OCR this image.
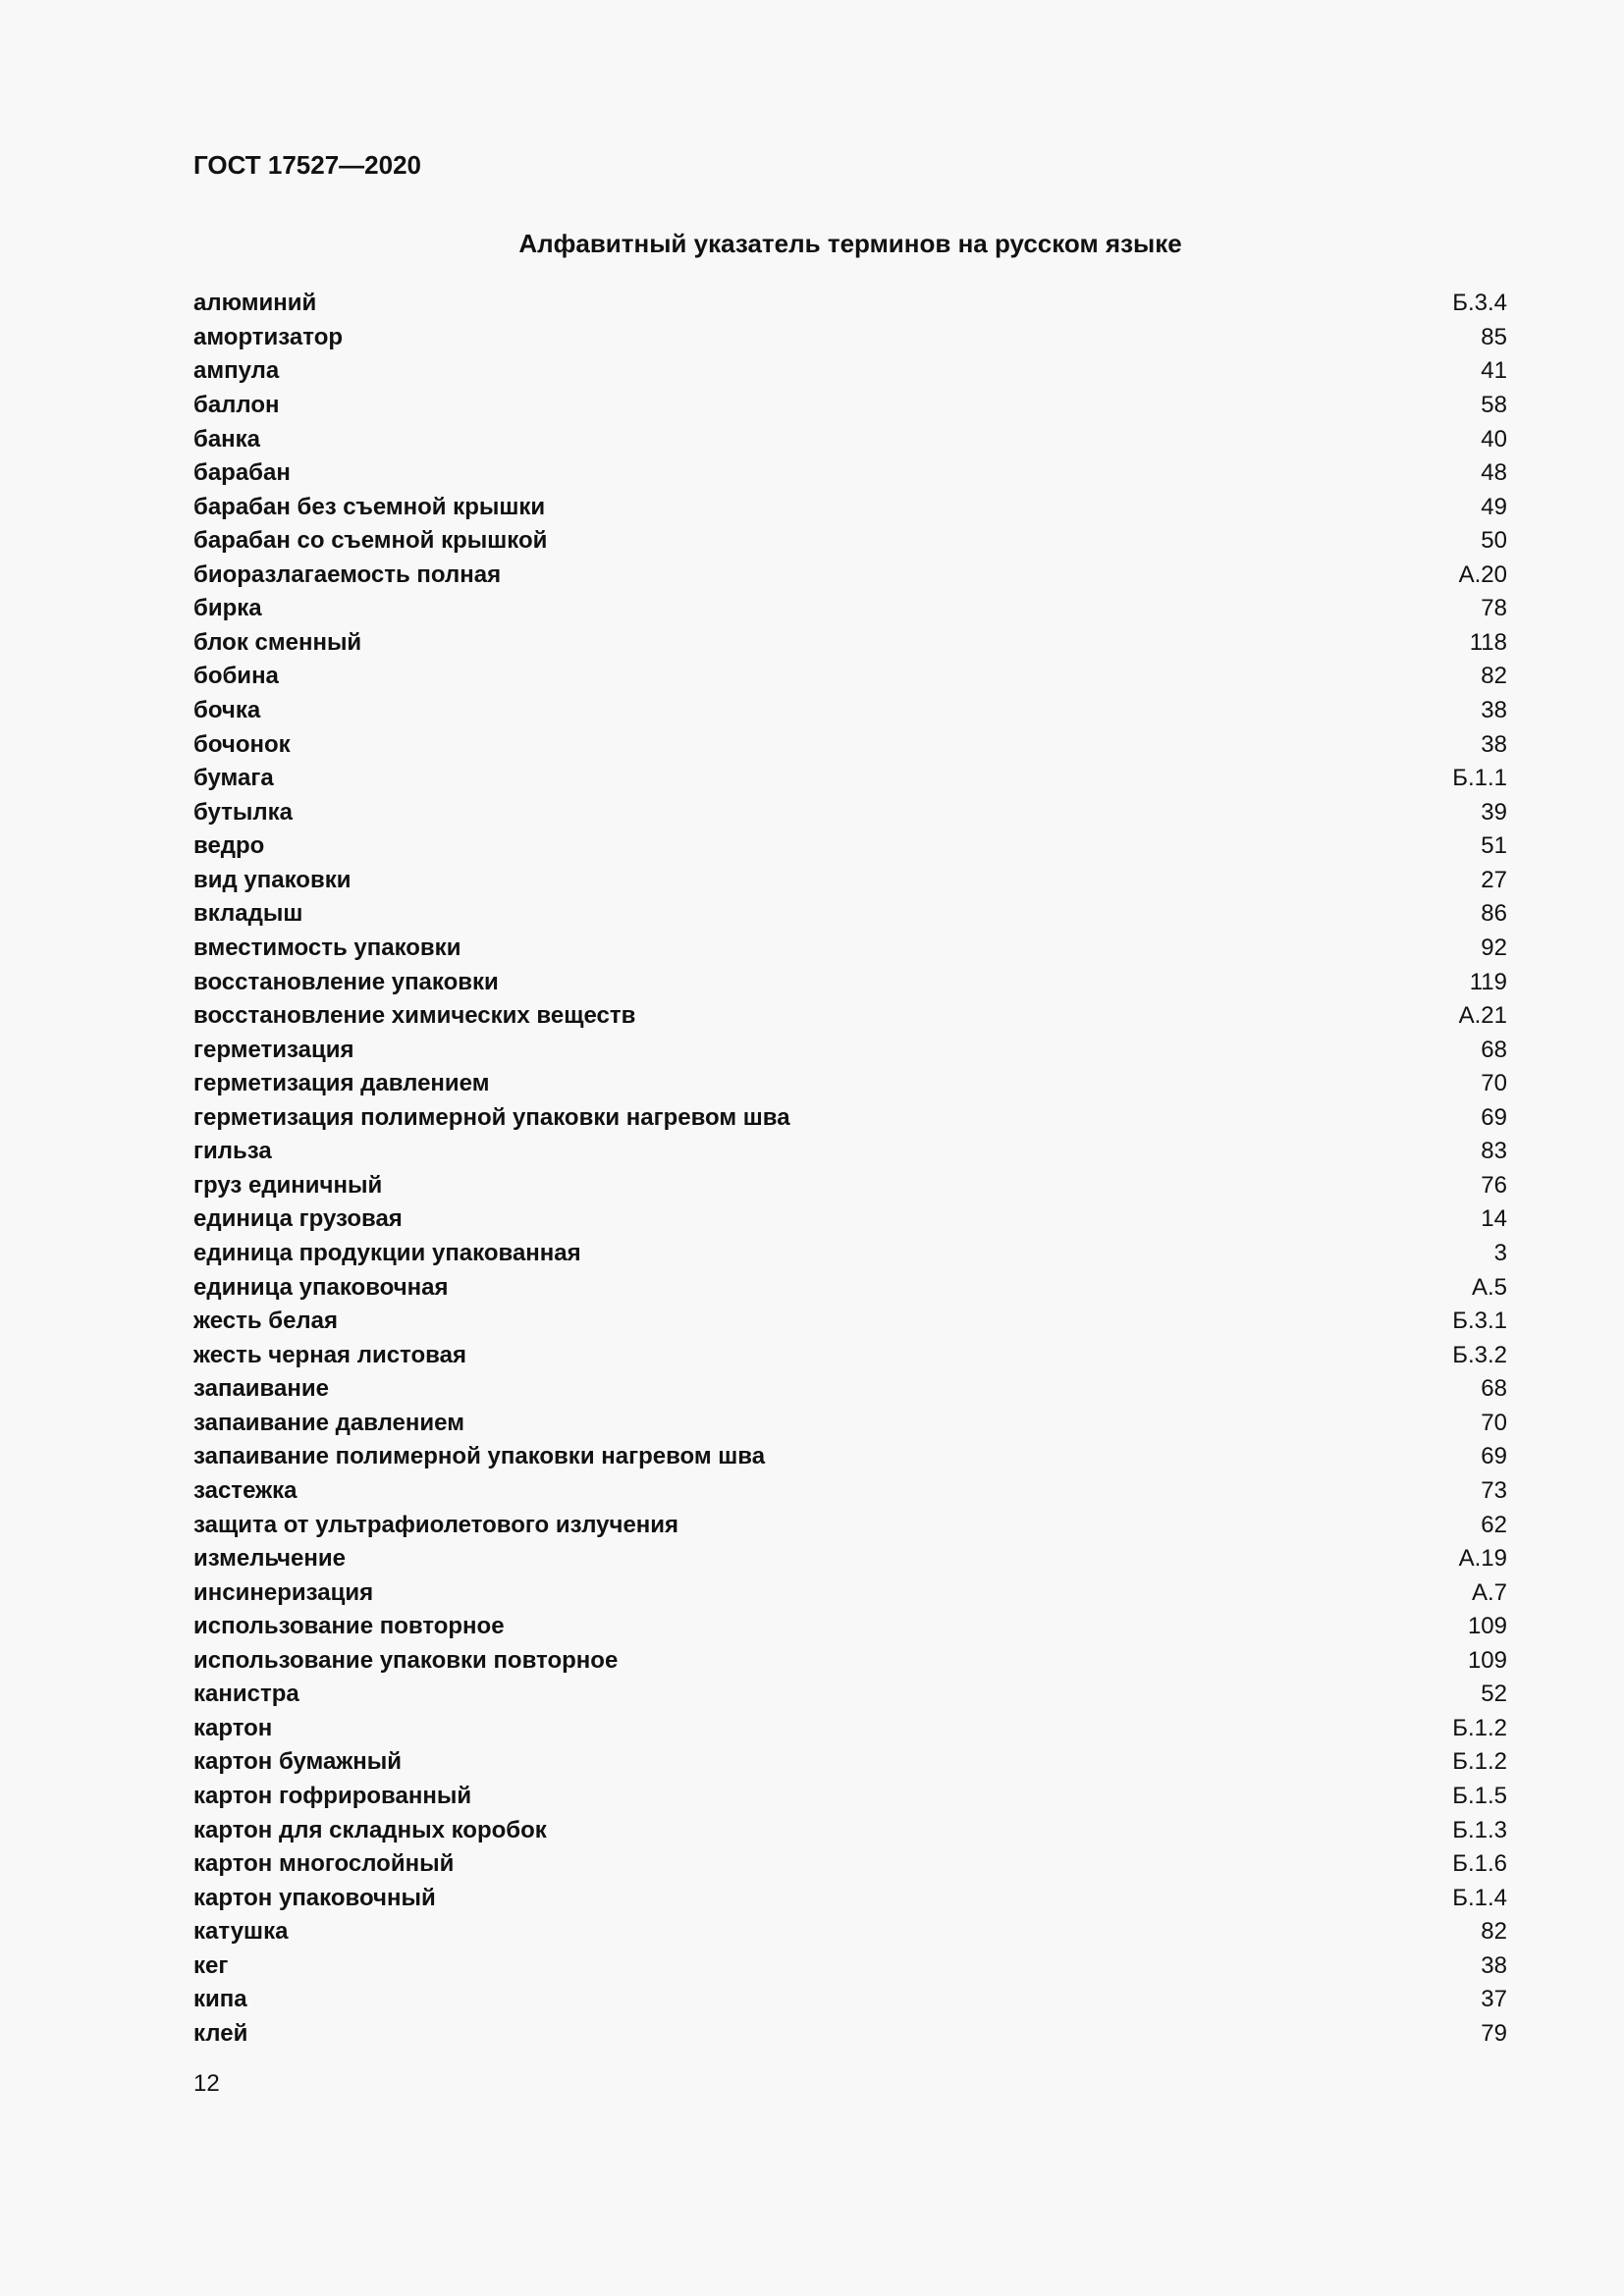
ГОСТ 17527—2020
Алфавитный указатель терминов на русском языке
алюминий	Б.3.4
амортизатор	85
ампула	41
баллон	58
банка	40
барабан	48
барабан без съемной крышки	49
барабан со съемной крышкой	50
биоразлагаемость полная	А.20
бирка	78
блок сменный	118
бобина	82
бочка	38
бочонок	38
бумага	Б.1.1
бутылка	39
ведро	51
вид упаковки	27
вкладыш	86
вместимость упаковки	92
восстановление упаковки	119
восстановление химических веществ	А.21
герметизация	68
герметизация давлением	70
герметизация полимерной упаковки нагревом шва	69
гильза	83
груз единичный	76
единица грузовая	14
единица продукции упакованная	3
единица упаковочная	А.5
жесть белая	Б.3.1
жесть черная листовая	Б.3.2
запаивание	68
запаивание давлением	70
запаивание полимерной упаковки нагревом шва	69
застежка	73
защита от ультрафиолетового излучения	62
измельчение	А.19
инсинеризация	А.7
использование повторное	109
использование упаковки повторное	109
канистра	52
картон	Б.1.2
картон бумажный	Б.1.2
картон гофрированный	Б.1.5
картон для складных коробок	Б.1.3
картон многослойный	Б.1.6
картон упаковочный	Б.1.4
катушка	82
кег	38
кипа	37
клей	79
12
